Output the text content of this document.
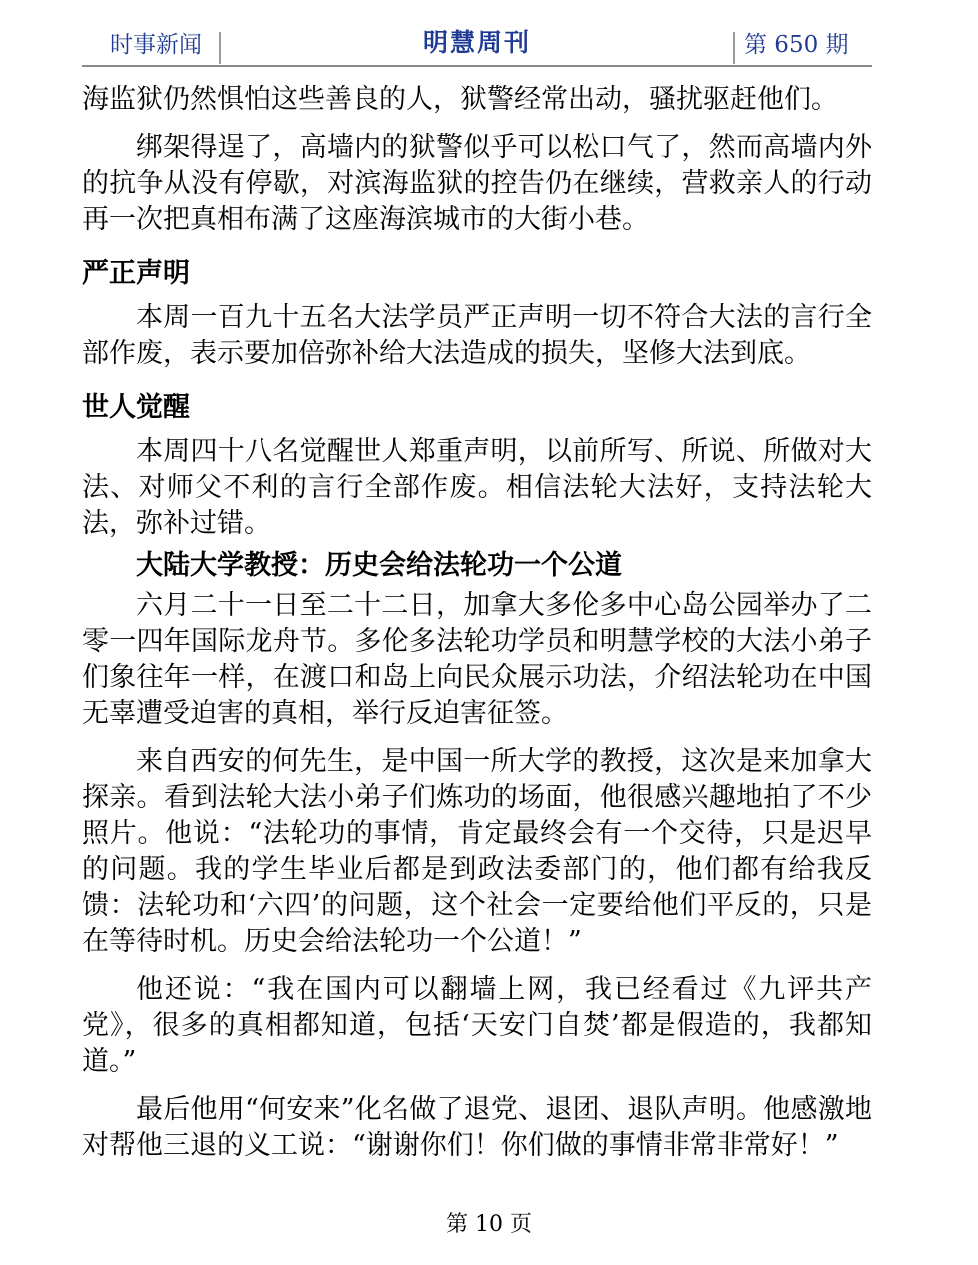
时事新闻	明慧周刊	第 650 期

海监狱仍然惧怕这些善良的人，狱警经常出动，骚扰驱赶他们。

绑架得逞了，高墙内的狱警似乎可以松口气了，然而高墙内外的抗争从没有停歇，对滨海监狱的控告仍在继续，营救亲人的行动再一次把真相布满了这座海滨城市的大街小巷。

严正声明

本周一百九十五名大法学员严正声明一切不符合大法的言行全部作废，表示要加倍弥补给大法造成的损失，坚修大法到底。

世人觉醒

本周四十八名觉醒世人郑重声明，以前所写、所说、所做对大法、对师父不利的言行全部作废。相信法轮大法好，支持法轮大法，弥补过错。

大陆大学教授：历史会给法轮功一个公道

六月二十一日至二十二日，加拿大多伦多中心岛公园举办了二零一四年国际龙舟节。多伦多法轮功学员和明慧学校的大法小弟子们象往年一样，在渡口和岛上向民众展示功法，介绍法轮功在中国无辜遭受迫害的真相，举行反迫害征签。

来自西安的何先生，是中国一所大学的教授，这次是来加拿大探亲。看到法轮大法小弟子们炼功的场面，他很感兴趣地拍了不少照片。他说：“法轮功的事情，肯定最终会有一个交待，只是迟早的问题。我的学生毕业后都是到政法委部门的，他们都有给我反馈：法轮功和‘六四’的问题，这个社会一定要给他们平反的，只是在等待时机。历史会给法轮功一个公道！”

他还说：“我在国内可以翻墙上网，我已经看过《九评共产党》，很多的真相都知道，包括‘天安门自焚’都是假造的，我都知道。”

最后他用“何安来”化名做了退党、退团、退队声明。他感激地对帮他三退的义工说：“谢谢你们！你们做的事情非常非常好！”

第 10 页
